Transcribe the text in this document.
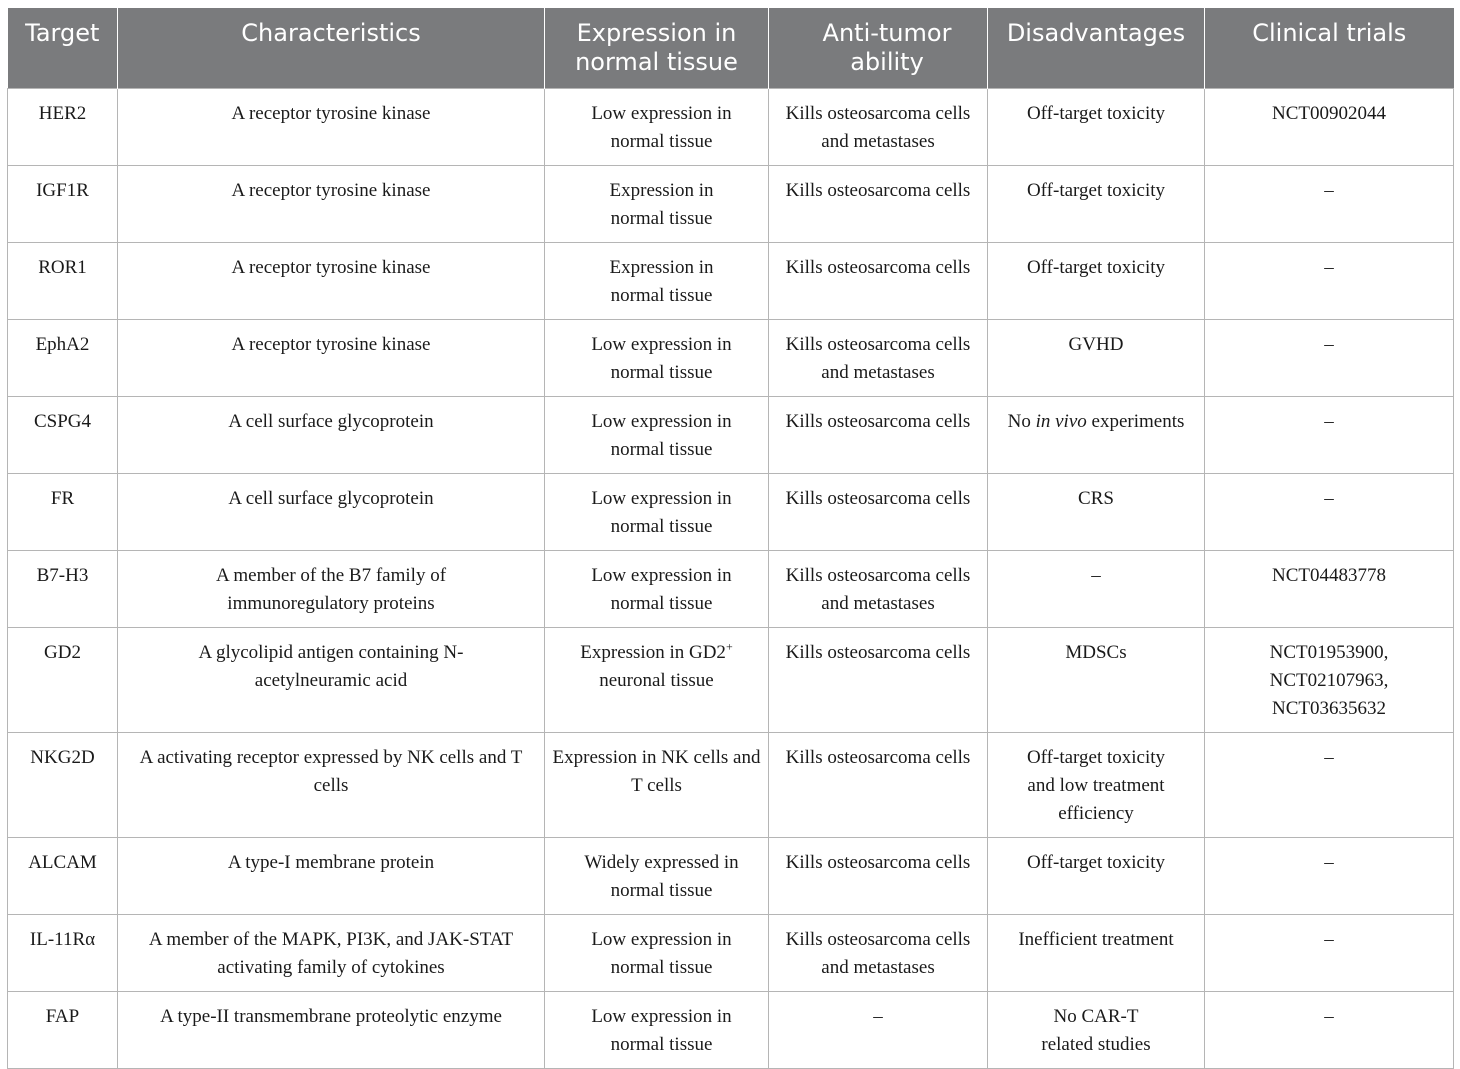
Target	Characteristics	Expression in normal tissue	Anti-tumor ability	Disadvantages	Clinical trials

HER2	A receptor tyrosine kinase	Low expression in normal tissue	Kills osteosarcoma cells and metastases	Off-target toxicity	NCT00902044
IGF1R	A receptor tyrosine kinase	Expression in normal tissue	Kills osteosarcoma cells	Off-target toxicity	–
ROR1	A receptor tyrosine kinase	Expression in normal tissue	Kills osteosarcoma cells	Off-target toxicity	–
EphA2	A receptor tyrosine kinase	Low expression in normal tissue	Kills osteosarcoma cells and metastases	GVHD	–
CSPG4	A cell surface glycoprotein	Low expression in normal tissue	Kills osteosarcoma cells	No in vivo experiments	–
FR	A cell surface glycoprotein	Low expression in normal tissue	Kills osteosarcoma cells	CRS	–
B7-H3	A member of the B7 family of immunoregulatory proteins	Low expression in normal tissue	Kills osteosarcoma cells and metastases	–	NCT04483778
GD2	A glycolipid antigen containing N-acetylneuramic acid	Expression in GD2+ neuronal tissue	Kills osteosarcoma cells	MDSCs	NCT01953900, NCT02107963, NCT03635632
NKG2D	A activating receptor expressed by NK cells and T cells	Expression in NK cells and T cells	Kills osteosarcoma cells	Off-target toxicity and low treatment efficiency	–
ALCAM	A type-I membrane protein	Widely expressed in normal tissue	Kills osteosarcoma cells	Off-target toxicity	–
IL-11Rα	A member of the MAPK, PI3K, and JAK-STAT activating family of cytokines	Low expression in normal tissue	Kills osteosarcoma cells and metastases	Inefficient treatment	–
FAP	A type-II transmembrane proteolytic enzyme	Low expression in normal tissue	–	No CAR-T related studies	–
